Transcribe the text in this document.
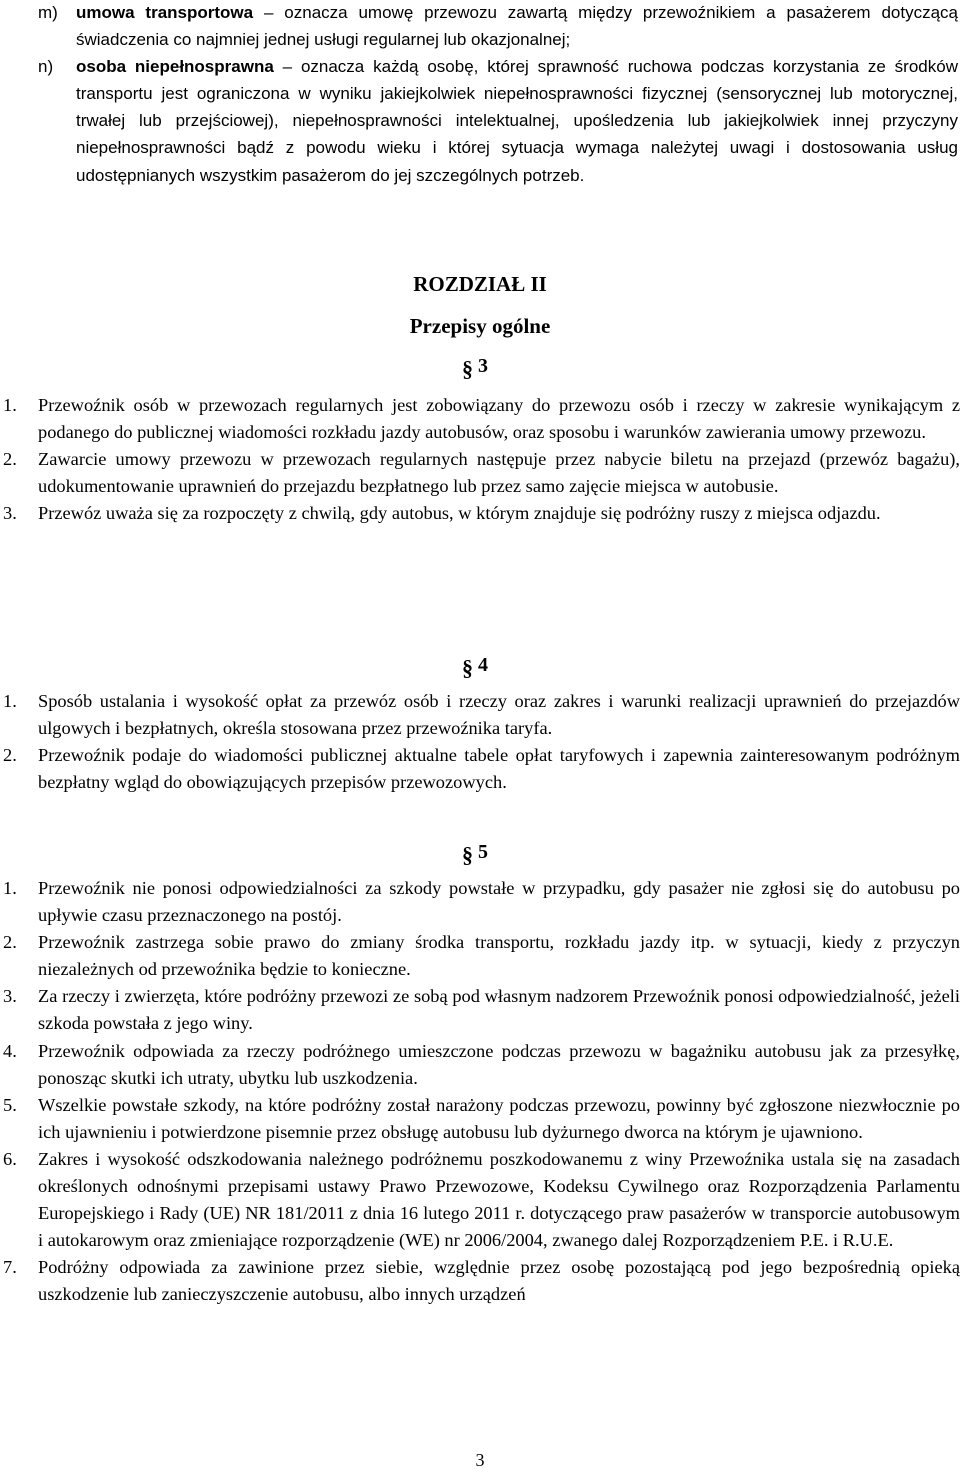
m) umowa transportowa – oznacza umowę przewozu zawartą między przewoźnikiem a pasażerem dotyczącą świadczenia co najmniej jednej usługi regularnej lub okazjonalnej;
n) osoba niepełnosprawna – oznacza każdą osobę, której sprawność ruchowa podczas korzystania ze środków transportu jest ograniczona w wyniku jakiejkolwiek niepełnosprawności fizycznej (sensorycznej lub motorycznej, trwałej lub przejściowej), niepełnosprawności intelektualnej, upośledzenia lub jakiejkolwiek innej przyczyny niepełnosprawności bądź z powodu wieku i której sytuacja wymaga należytej uwagi i dostosowania usług udostępnianych wszystkim pasażerom do jej szczególnych potrzeb.
ROZDZIAŁ II
Przepisy ogólne
§ 3
1. Przewoźnik osób w przewozach regularnych jest zobowiązany do przewozu osób i rzeczy w zakresie wynikającym z podanego do publicznej wiadomości rozkładu jazdy autobusów, oraz sposobu i warunków zawierania umowy przewozu.

2. Zawarcie umowy przewozu w przewozach regularnych następuje przez nabycie biletu na przejazd (przewóz bagażu), udokumentowanie uprawnień do przejazdu bezpłatnego lub przez samo zajęcie miejsca w autobusie.

3. Przewóz uważa się za rozpoczęty z chwilą, gdy autobus, w którym znajduje się podróżny ruszy z miejsca odjazdu.

§ 4
1. Sposób ustalania i wysokość opłat za przewóz osób i rzeczy oraz zakres i warunki realizacji uprawnień do przejazdów ulgowych i bezpłatnych, określa stosowana przez przewoźnika taryfa.

2. Przewoźnik podaje do wiadomości publicznej aktualne tabele opłat taryfowych i zapewnia zainteresowanym podróżnym bezpłatny wgląd do obowiązujących przepisów przewozowych.

§ 5
1. Przewoźnik nie ponosi odpowiedzialności za szkody powstałe w przypadku, gdy pasażer nie zgłosi się do autobusu po upływie czasu przeznaczonego na postój.

2. Przewoźnik zastrzega sobie prawo do zmiany środka transportu, rozkładu jazdy itp. w sytuacji, kiedy z przyczyn niezależnych od przewoźnika będzie to konieczne.

3. Za rzeczy i zwierzęta, które podróżny przewozi ze sobą pod własnym nadzorem Przewoźnik ponosi odpowiedzialność, jeżeli szkoda powstała z jego winy.

4. Przewoźnik odpowiada za rzeczy podróżnego umieszczone podczas przewozu w bagażniku autobusu jak za przesyłkę, ponosząc skutki ich utraty, ubytku lub uszkodzenia.

5. Wszelkie powstałe szkody, na które podróżny został narażony podczas przewozu, powinny być zgłoszone niezwłocznie po ich ujawnieniu i potwierdzone pisemnie przez obsługę autobusu lub dyżurnego dworca na którym je ujawniono.

6. Zakres i wysokość odszkodowania należnego podróżnemu poszkodowanemu z winy Przewoźnika ustala się na zasadach określonych odnośnymi przepisami ustawy Prawo Przewozowe, Kodeksu Cywilnego oraz Rozporządzenia Parlamentu Europejskiego i Rady (UE) NR 181/2011 z dnia 16 lutego 2011 r. dotyczącego praw pasażerów w transporcie autobusowym i autokarowym oraz zmieniające rozporządzenie (WE) nr 2006/2004, zwanego dalej Rozporządzeniem P.E. i R.U.E.

7. Podróżny odpowiada za zawinione przez siebie, względnie przez osobę pozostającą pod jego bezpośrednią opieką uszkodzenie lub zanieczyszczenie autobusu, albo innych urządzeń

3
